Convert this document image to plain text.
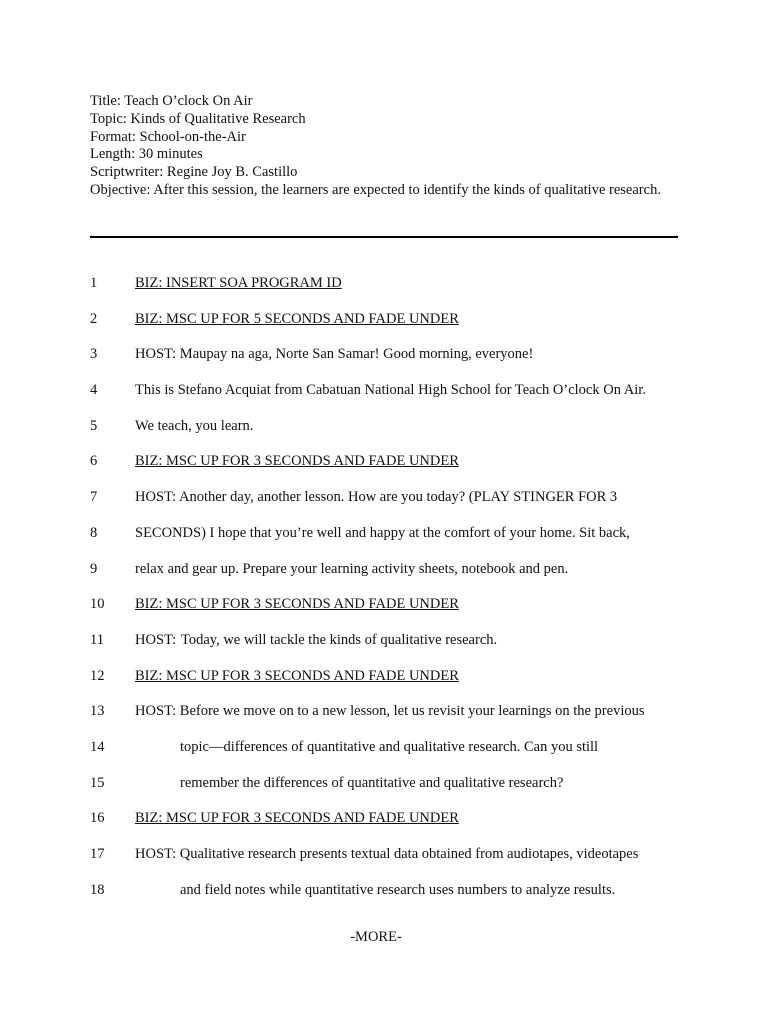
Title: Teach O’clock On Air
Topic: Kinds of Qualitative Research
Format: School-on-the-Air
Length: 30 minutes
Scriptwriter: Regine Joy B. Castillo
Objective: After this session, the learners are expected to identify the kinds of qualitative research.
1	BIZ: INSERT SOA PROGRAM ID
2	BIZ: MSC UP FOR 5 SECONDS AND FADE UNDER
3	HOST: Maupay na aga, Norte San Samar! Good morning, everyone!
4	This is Stefano Acquiat from Cabatuan National High School for Teach O’clock On Air.
5	We teach, you learn.
6	BIZ: MSC UP FOR 3 SECONDS AND FADE UNDER
7	HOST: Another day, another lesson. How are you today? (PLAY STINGER FOR 3
8	SECONDS) I hope that you’re well and happy at the comfort of your home. Sit back,
9	relax and gear up. Prepare your learning activity sheets, notebook and pen.
10 BIZ: MSC UP FOR 3 SECONDS AND FADE UNDER
11 HOST: Today, we will tackle the kinds of qualitative research.
12 BIZ: MSC UP FOR 3 SECONDS AND FADE UNDER
13 HOST: Before we move on to a new lesson, let us revisit your learnings on the previous
14	topic—differences of quantitative and qualitative research. Can you still
15	remember the differences of quantitative and qualitative research?
16 BIZ: MSC UP FOR 3 SECONDS AND FADE UNDER
17 HOST: Qualitative research presents textual data obtained from audiotapes, videotapes
18	and field notes while quantitative research uses numbers to analyze results.
-MORE-
